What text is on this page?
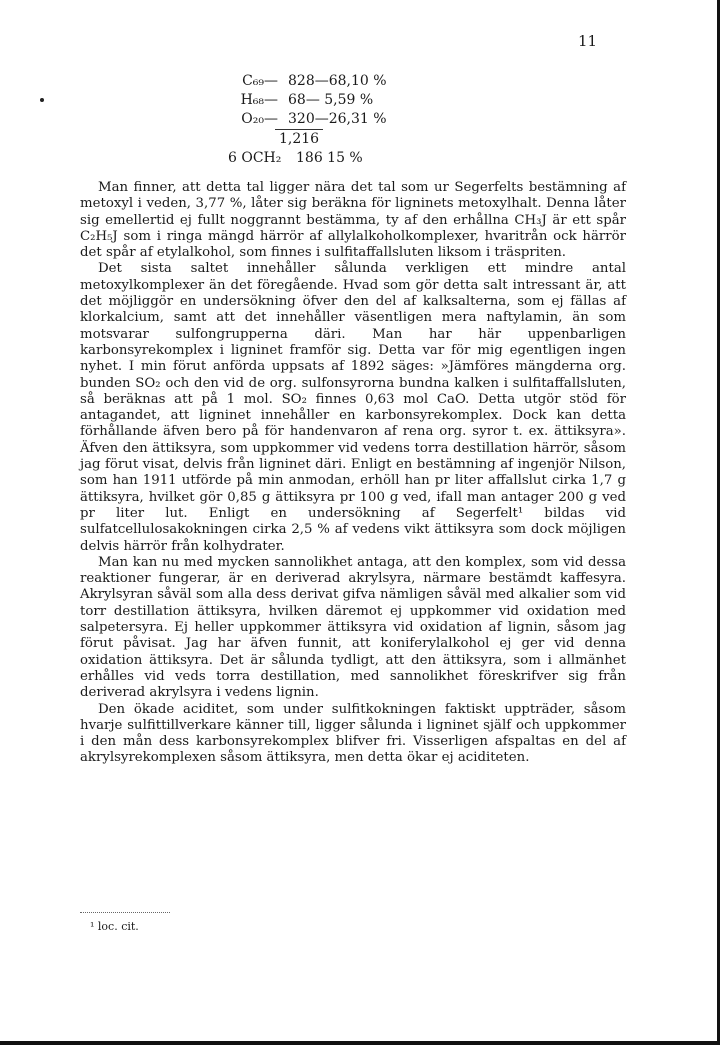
11
C₆₉— 828—68,10 %
H₆₈— 68— 5,59 %
O₂₀— 320—26,31 %
1,216
6 OCH₂	186 15 %

Man finner, att detta tal ligger nära det tal som ur Segerfelts bestämning af metoxyl i veden, 3,77 %, låter sig beräkna för ligninets metoxylhalt. Denna låter sig emellertid ej fullt noggrannt bestämma, ty af den erhållna CH₃J är ett spår C₂H₅J som i ringa mängd härrör af allylalkoholkomplexer, hvaritrån ock härrör det spår af etylalkohol, som finnes i sulfitaffallsluten liksom i träspriten.

Det sista saltet innehåller sålunda verkligen ett mindre antal metoxylkomplexer än det föregående. Hvad som gör detta salt intressant är, att det möjliggör en undersökning öfver den del af kalksalterna, som ej fällas af klorkalcium, samt att det innehåller väsentligen mera naftylamin, än som motsvarar sulfongrupperna däri. Man har här uppenbarligen karbonsyrekomplex i ligninet framför sig. Detta var för mig egentligen ingen nyhet. I min förut anförda uppsats af 1892 säges: »Jämföres mängderna org. bunden SO₂ och den vid de org. sulfonsyrorna bundna kalken i sulfitaffallsluten, så beräknas att på 1 mol. SO₂ finnes 0,63 mol CaO. Detta utgör stöd för antagandet, att ligninet innehåller en karbonsyrekomplex. Dock kan detta förhållande äfven bero på för handenvaron af rena org. syror t. ex. ättiksyra». Äfven den ättiksyra, som uppkommer vid vedens torra destillation härrör, såsom jag förut visat, delvis från ligninet däri. Enligt en bestämning af ingenjör Nilson, som han 1911 utförde på min anmodan, erhöll han pr liter affallslut cirka 1,7 g ättiksyra, hvilket gör 0,85 g ättiksyra pr 100 g ved, ifall man antager 200 g ved pr liter lut. Enligt en undersökning af Segerfelt¹ bildas vid sulfatcellulosakokningen cirka 2,5 % af vedens vikt ättiksyra som dock möjligen delvis härrör från kolhydrater.

Man kan nu med mycken sannolikhet antaga, att den komplex, som vid dessa reaktioner fungerar, är en deriverad akrylsyra, närmare bestämdt kaffesyra. Akrylsyran såväl som alla dess derivat gifva nämligen såväl med alkalier som vid torr destillation ättiksyra, hvilken däremot ej uppkommer vid oxidation med salpetersyra. Ej heller uppkommer ättiksyra vid oxidation af lignin, såsom jag förut påvisat. Jag har äfven funnit, att koniferylalkohol ej ger vid denna oxidation ättiksyra. Det är sålunda tydligt, att den ättiksyra, som i allmänhet erhålles vid veds torra destillation, med sannolikhet föreskrifver sig från deriverad akrylsyra i vedens lignin.

Den ökade aciditet, som under sulfitkokningen faktiskt uppträder, såsom hvarje sulfittillverkare känner till, ligger sålunda i ligninet själf och uppkommer i den mån dess karbonsyrekomplex blifver fri. Visserligen afspaltas en del af akrylsyrekomplexen såsom ättiksyra, men detta ökar ej aciditeten.

¹ loc. cit.
